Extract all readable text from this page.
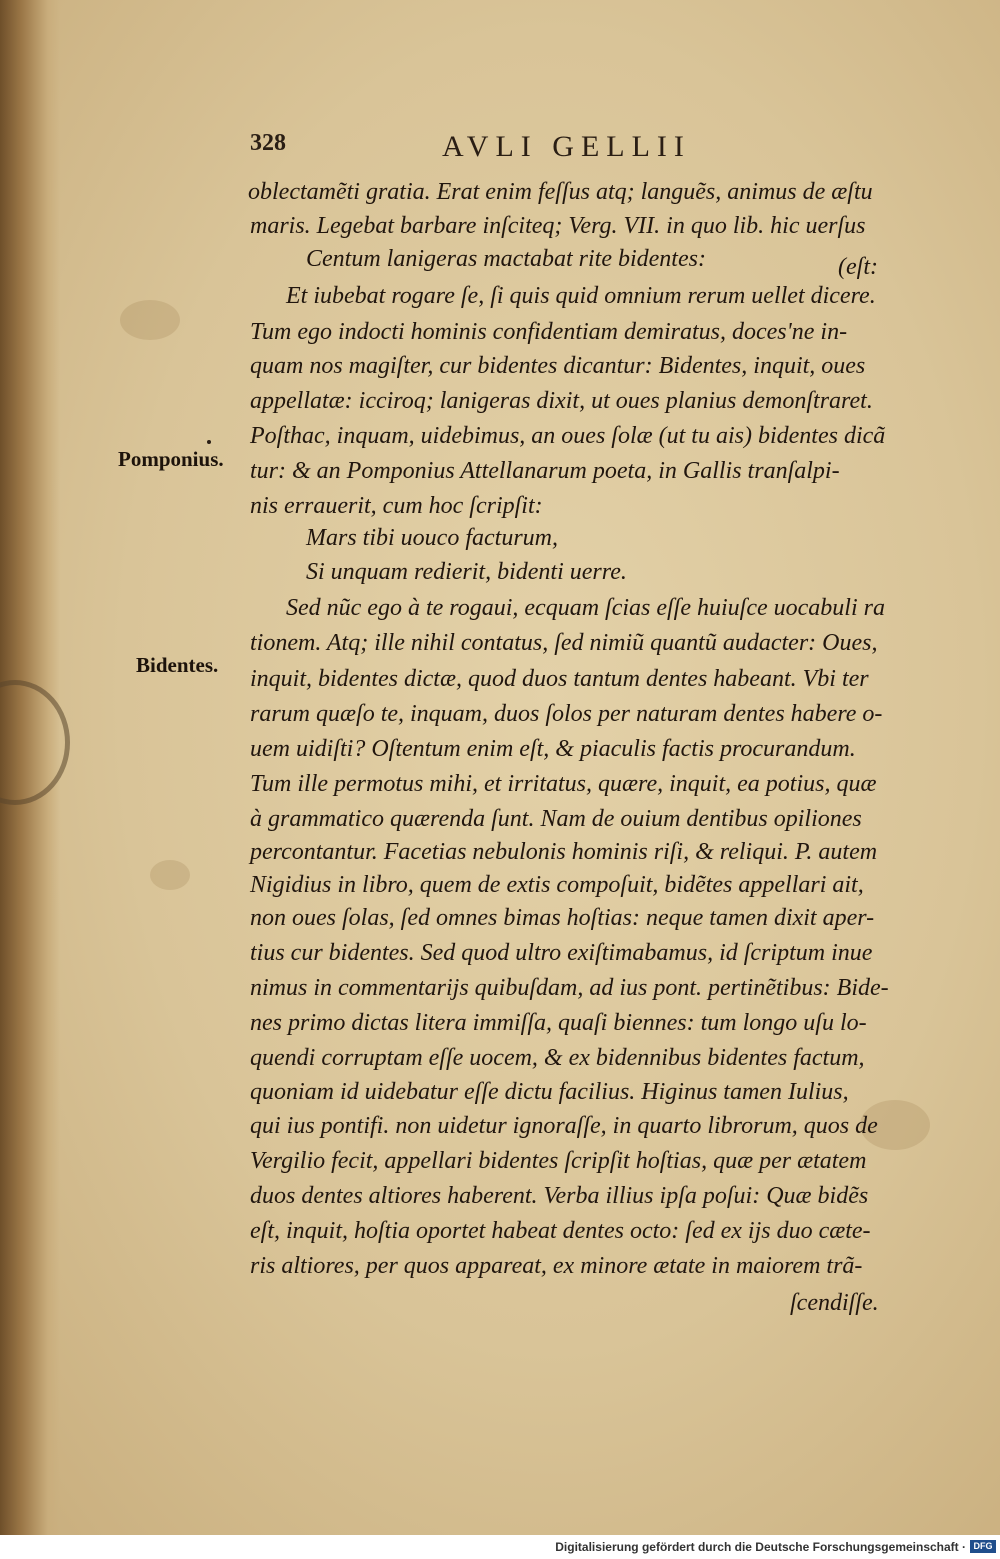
328	AVLI GELLII
Pomponius.
Bidentes.
oblectamẽti gratia. Erat enim feſſus atq; languẽs, animus de æſtu
maris. Legebat barbare inſciteq; Verg. VII. in quo lib. hic uerſus
Centum lanigeras mactabat rite bidentes:	(eſt:
Et iubebat rogare ſe, ſi quis quid omnium rerum uellet dicere.
Tum ego indocti hominis confidentiam demiratus, doces'ne in-
quam nos magiſter, cur bidentes dicantur: Bidentes, inquit, oues
appellatæ: icciroq; lanigeras dixit, ut oues planius demonſtraret.
Poſthac, inquam, uidebimus, an oues ſolæ (ut tu ais) bidentes dicã
tur: & an Pomponius Attellanarum poeta, in Gallis tranſalpi-
nis errauerit, cum hoc ſcripſit:
Mars tibi uouco facturum,
Si unquam redierit, bidenti uerre.
Sed nũc ego à te rogaui, ecquam ſcias eſſe huiuſce uocabuli ra
tionem. Atq; ille nihil contatus, ſed nimiũ quantũ audacter: Oues,
inquit, bidentes dictæ, quod duos tantum dentes habeant. Vbi ter
rarum quæſo te, inquam, duos ſolos per naturam dentes habere o-
uem uidiſti? Oſtentum enim eſt, & piaculis factis procurandum.
Tum ille permotus mihi, et irritatus, quære, inquit, ea potius, quæ
à grammatico quærenda ſunt. Nam de ouium dentibus opiliones
percontantur. Facetias nebulonis hominis riſi, & reliqui. P. autem
Nigidius in libro, quem de extis compoſuit, bidẽtes appellari ait,
non oues ſolas, ſed omnes bimas hoſtias: neque tamen dixit aper-
tius cur bidentes. Sed quod ultro exiſtimabamus, id ſcriptum inue
nimus in commentariјs quibuſdam, ad ius pont. pertinẽtibus: Bide-
nes primo dictas litera immiſſa, quaſi biennes: tum longo uſu lo-
quendi corruptam eſſe uocem, & ex bidennibus bidentes factum,
quoniam id uidebatur eſſe dictu facilius. Higinus tamen Iulius,
qui ius pontifi. non uidetur ignoraſſe, in quarto librorum, quos de
Vergilio fecit, appellari bidentes ſcripſit hoſtias, quæ per ætatem
duos dentes altiores haberent. Verba illius ipſa poſui: Quæ bidẽs
eſt, inquit, hoſtia oportet habeat dentes octo: ſed ex iјs duo cæte-
ris altiores, per quos appareat, ex minore ætate in maiorem trã-
ſcendiſſe.
Digitalisierung gefördert durch die Deutsche Forschungsgemeinschaft · DFG
